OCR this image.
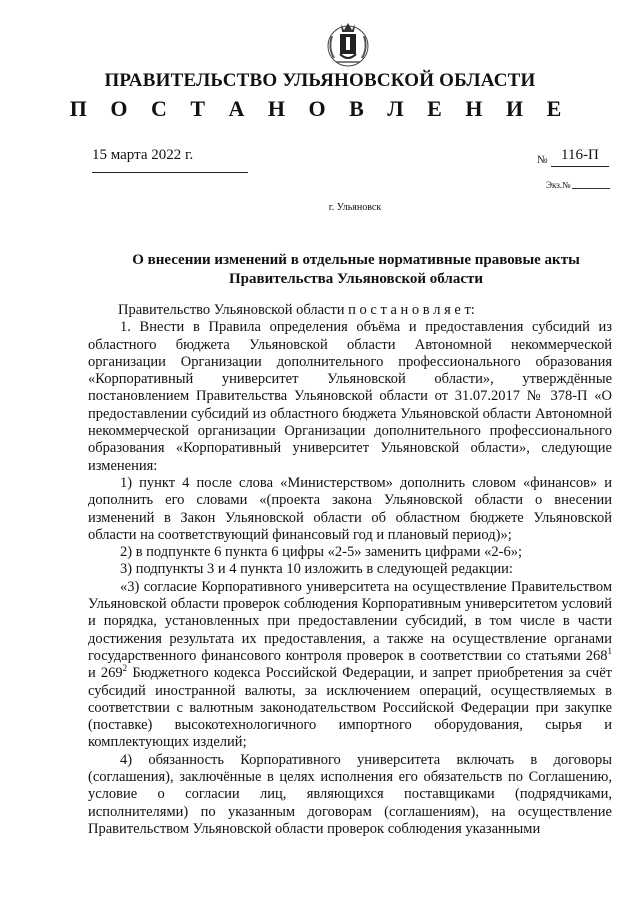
ПРАВИТЕЛЬСТВО УЛЬЯНОВСКОЙ ОБЛАСТИ
П О С Т А Н О В Л Е Н И Е
15 марта 2022 г.	№ 116-П
Экз.№
г. Ульяновск
О внесении изменений в отдельные нормативные правовые акты
Правительства Ульяновской области

Правительство Ульяновской области п о с т а н о в л я е т:

1. Внести в Правила определения объёма и предоставления субсидий из областного бюджета Ульяновской области Автономной некоммерческой организации Организации дополнительного профессионального образования «Корпоративный университет Ульяновской области», утверждённые постановлением Правительства Ульяновской области от 31.07.2017 № 378-П «О предоставлении субсидий из областного бюджета Ульяновской области Автономной некоммерческой организации Организации дополнительного профессионального образования «Корпоративный университет Ульяновской области», следующие изменения:

1) пункт 4 после слова «Министерством» дополнить словом «финансов» и дополнить его словами «(проекта закона Ульяновской области о внесении изменений в Закон Ульяновской области об областном бюджете Ульяновской области на соответствующий финансовый год и плановый период)»;

2) в подпункте 6 пункта 6 цифры «2-5» заменить цифрами «2-6»;

3) подпункты 3 и 4 пункта 10 изложить в следующей редакции:

«3) согласие Корпоративного университета на осуществление Правительством Ульяновской области проверок соблюдения Корпоративным университетом условий и порядка, установленных при предоставлении субсидий, в том числе в части достижения результата их предоставления, а также на осуществление органами государственного финансового контроля проверок в соответствии со статьями $268^1$ и $269^2$ Бюджетного кодекса Российской Федерации, и запрет приобретения за счёт субсидий иностранной валюты, за исключением операций, осуществляемых в соответствии с валютным законодательством Российской Федерации при закупке (поставке) высокотехнологичного импортного оборудования, сырья и комплектующих изделий;

4) обязанность Корпоративного университета включать в договоры (соглашения), заключённые в целях исполнения его обязательств по Соглашению, условие о согласии лиц, являющихся поставщиками (подрядчиками, исполнителями) по указанным договорам (соглашениям), на осуществление Правительством Ульяновской области проверок соблюдения указанными
